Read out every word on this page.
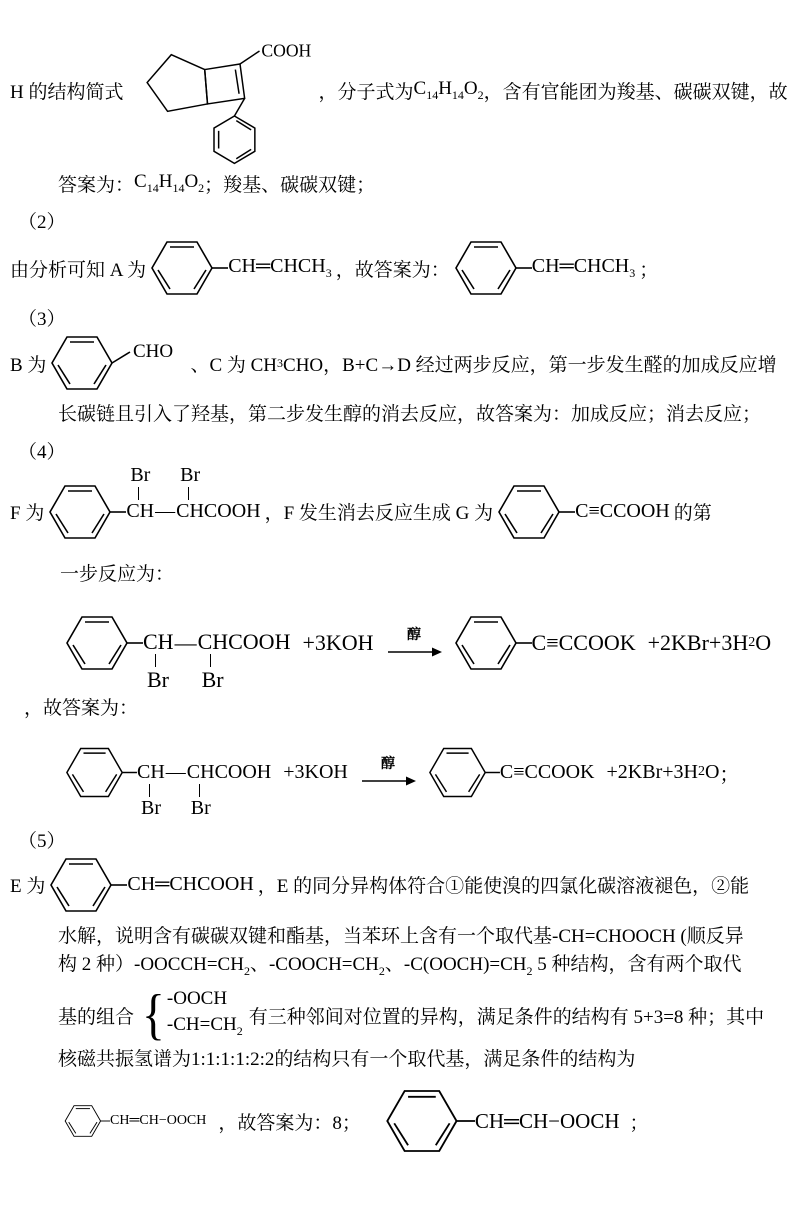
H 的结构简式
COOH
，分子式为 $C_{14}H_{14}O_2$ ，含有官能团为羧基、碳碳双键，故
答案为： $C_{14}H_{14}O_2$ ；羧基、碳碳双键；
（2）
由分析可知 A 为	$CH═CHCH_3$ ，故答案为：	$CH═CHCH_3$ ；
（3）
B 为
CHO
、C 为 CH 3 CHO，B+C→D 经过两步反应，第一步发生醛的加成反应增
长碳链且引入了羟基，第二步发生醇的消去反应，故答案为：加成反应；消去反应；
（4）
F 为
Br
CH —
Br
CHCOOH ，F 发生消去反应生成 G 为	C≡CCOOH 的第
一步反应为：
CH
Br
— CHCOOH
Br
+3KOH 醇	C≡CCOOK +2KBr+3H 2 O
，故答案为：
CH
Br
— CHCOOH
Br
+3KOH 醇	C≡CCOOK +2KBr+3H 2 O ；
（5）
E 为	CH═CHCOOH ，E 的同分异构体符合①能使溴的四氯化碳溶液褪色，②能
水解，说明含有碳碳双键和酯基，当苯环上含有一个取代基-CH=CHOOCH (顺反异
构 2 种）$-OOCCH=CH_2$、$-COOCH=CH_2$、$-C(OOCH)=CH_2$ 5 种结构，含有两个取代
基的组合 { -OOCH
$-CH=CH_2$
有三种邻间对位置的异构，满足条件的结构有 5+3=8 种；其中
核磁共振氢谱为1:1:1:1:2:2的结构只有一个取代基，满足条件的结构为
CH═CH−OOCH ，故答案为： 8；	CH═CH−OOCH ；
